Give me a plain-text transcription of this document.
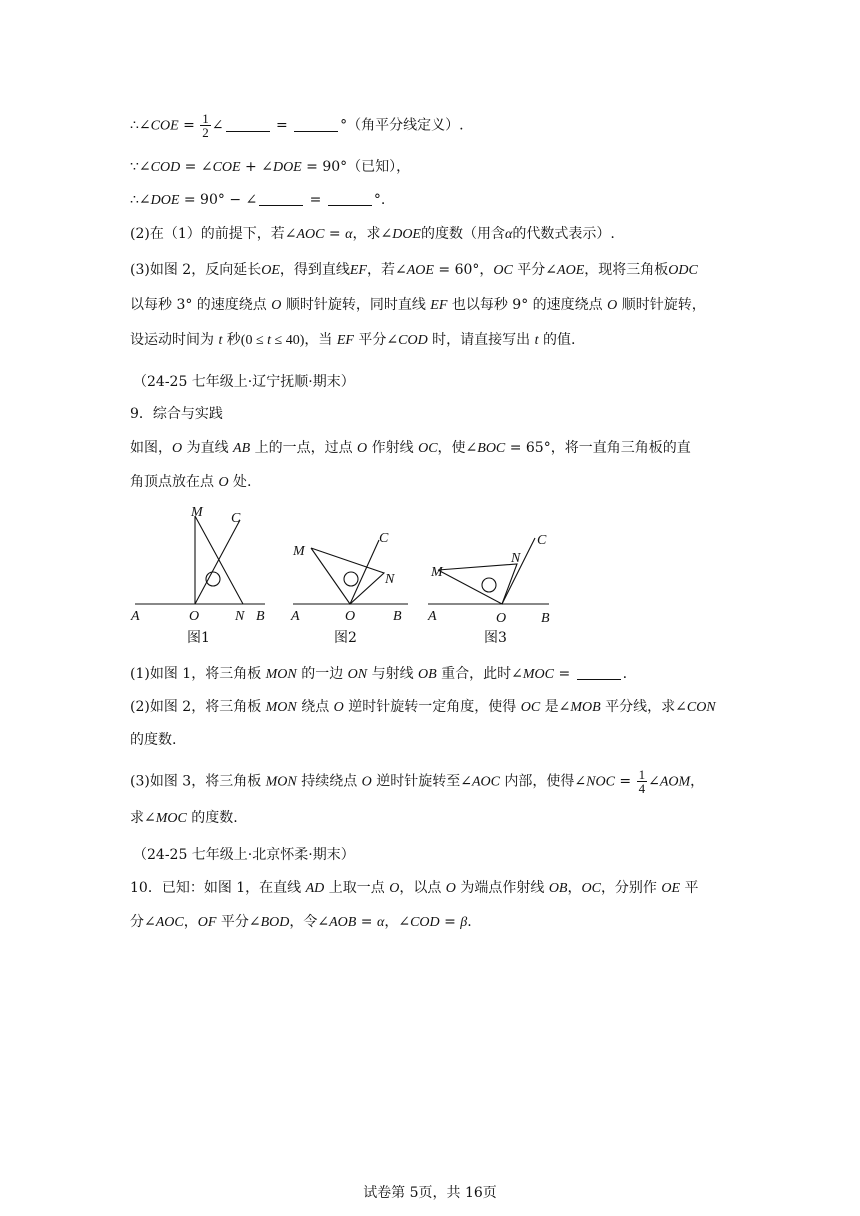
∴∠COE = $\frac{1}{2}$ ∠	=	°（角平分线定义）.
∵∠COD = ∠COE + ∠DOE = 90°（已知），
∴∠DOE = 90° − ∠	=	°.
(2)在（1）的前提下，若∠AOC = α，求∠DOE的度数（用含α的代数式表示）.
(3)如图 2，反向延长OE，得到直线EF，若∠AOE = 60°，OC 平分∠AOE，现将三角板ODC
以每秒 3° 的速度绕点 O 顺时针旋转，同时直线 EF 也以每秒 9° 的速度绕点 O 顺时针旋转，
设运动时间为 t 秒(0 ≤ t ≤ 40)，当 EF 平分∠COD 时，请直接写出 t 的值.
（24-25 七年级上·辽宁抚顺·期末）
9．综合与实践
如图，O 为直线 AB 上的一点，过点 O 作射线 OC，使∠BOC = 65°，将一直角三角板的直
角顶点放在点 O 处.
M C
A	O	N B
M
C
N
A	O	B
M
C
N
A	O B
图1	图2	图3
(1)如图 1，将三角板 MON 的一边 ON 与射线 OB 重合，此时∠MOC =	.
(2)如图 2，将三角板 MON 绕点 O 逆时针旋转一定角度，使得 OC 是∠MOB 平分线，求∠CON
的度数.
(3)如图 3，将三角板 MON 持续绕点 O 逆时针旋转至∠AOC 内部，使得∠NOC = $\frac{1}{4}$ ∠AOM，
求∠MOC 的度数.
（24-25 七年级上·北京怀柔·期末）
10．已知：如图 1，在直线 AD 上取一点 O，以点 O 为端点作射线 OB，OC，分别作 OE 平
分∠AOC，OF 平分∠BOD，令∠AOB = α，∠COD = β.
试卷第 5页，共 16页
